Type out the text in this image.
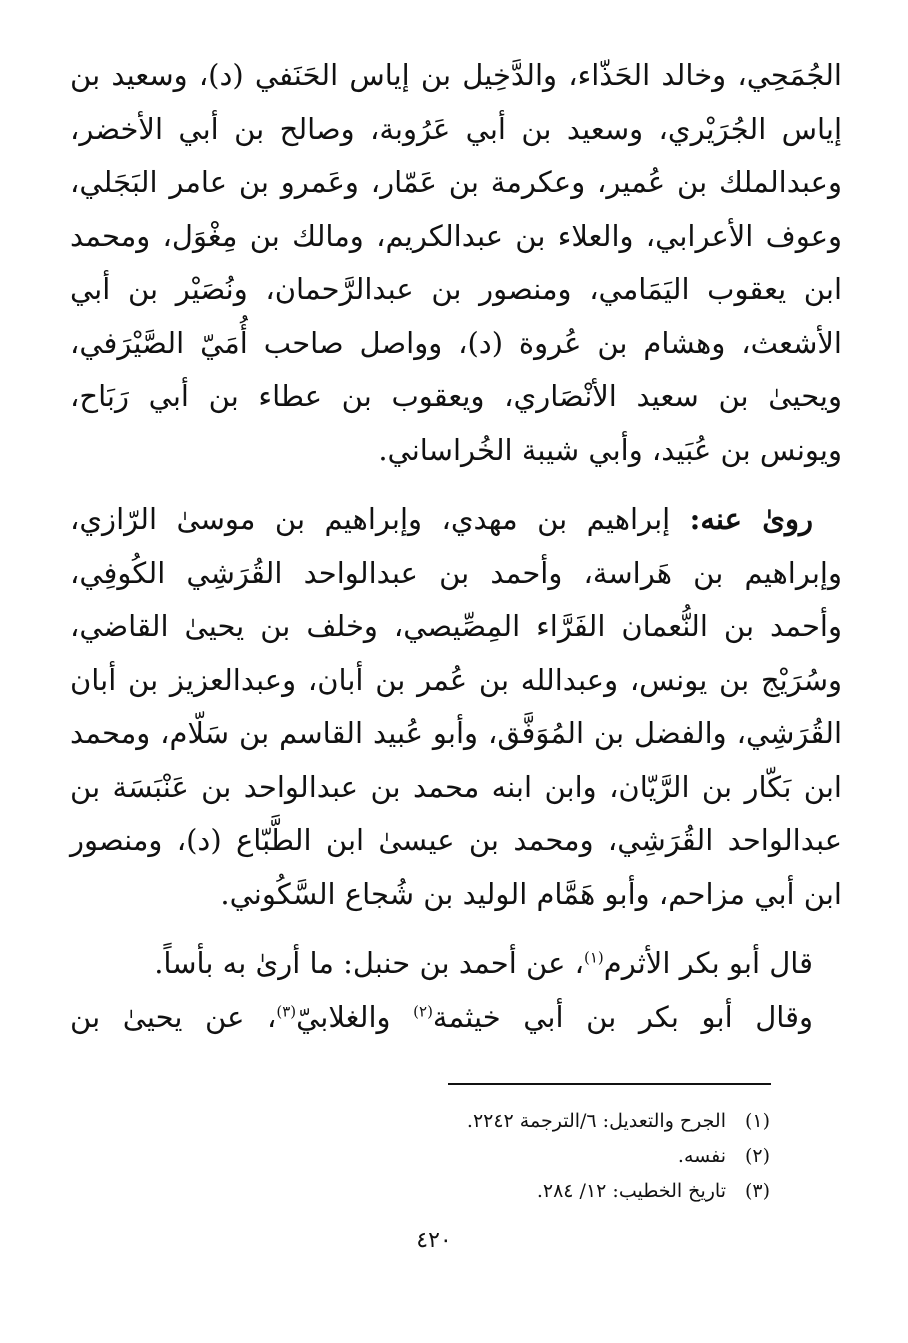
الجُمَحِي، وخالد الحَذّاء، والدَّخِيل بن إياس الحَنَفي (د)، وسعيد بن
إياس الجُرَيْري، وسعيد بن أبي عَرُوبة، وصالح بن أبي الأخضر،
وعبدالملك بن عُمير، وعكرمة بن عَمّار، وعَمرو بن عامر البَجَلي،
وعوف الأعرابي، والعلاء بن عبدالكريم، ومالك بن مِغْوَل، ومحمد
ابن يعقوب اليَمَامي، ومنصور بن عبدالرَّحمان، ونُصَيْر بن أبي
الأشعث، وهشام بن عُروة (د)، وواصل صاحب أُمَيّ الصَّيْرَفي،
ويحيىٰ بن سعيد الأنْصَاري، ويعقوب بن عطاء بن أبي رَبَاح،
ويونس بن عُبَيد، وأبي شيبة الخُراساني.
 روىٰ عنه: إبراهيم بن مهدي، وإبراهيم بن موسىٰ الرّازي،
وإبراهيم بن هَراسة، وأحمد بن عبدالواحد القُرَشِي الكُوفِي،
وأحمد بن النُّعمان الفَرَّاء المِصِّيصي، وخلف بن يحيىٰ القاضي،
وسُرَيْج بن يونس، وعبدالله بن عُمر بن أبان، وعبدالعزيز بن أبان
القُرَشِي، والفضل بن المُوَفَّق، وأبو عُبيد القاسم بن سَلّام، ومحمد
ابن بَكّار بن الرَّيّان، وابن ابنه محمد بن عبدالواحد بن عَنْبَسَة بن
عبدالواحد القُرَشِي، ومحمد بن عيسىٰ ابن الطَّبّاع (د)، ومنصور
ابن أبي مزاحم، وأبو هَمَّام الوليد بن شُجاع السَّكُوني.
 قال أبو بكر الأثرم$^{(١)}$، عن أحمد بن حنبل: ما أرىٰ به بأساً.
 وقال أبو بكر بن أبي خيثمة$^{(٢)}$ والغلابيّ$^{(٣)}$، عن يحيىٰ بن
(١)الجرح والتعديل: ٦/الترجمة ٢٢٤٢.
(٢)نفسه.
(٣)تاريخ الخطيب: ١٢/ ٢٨٤.
٤٢٠
